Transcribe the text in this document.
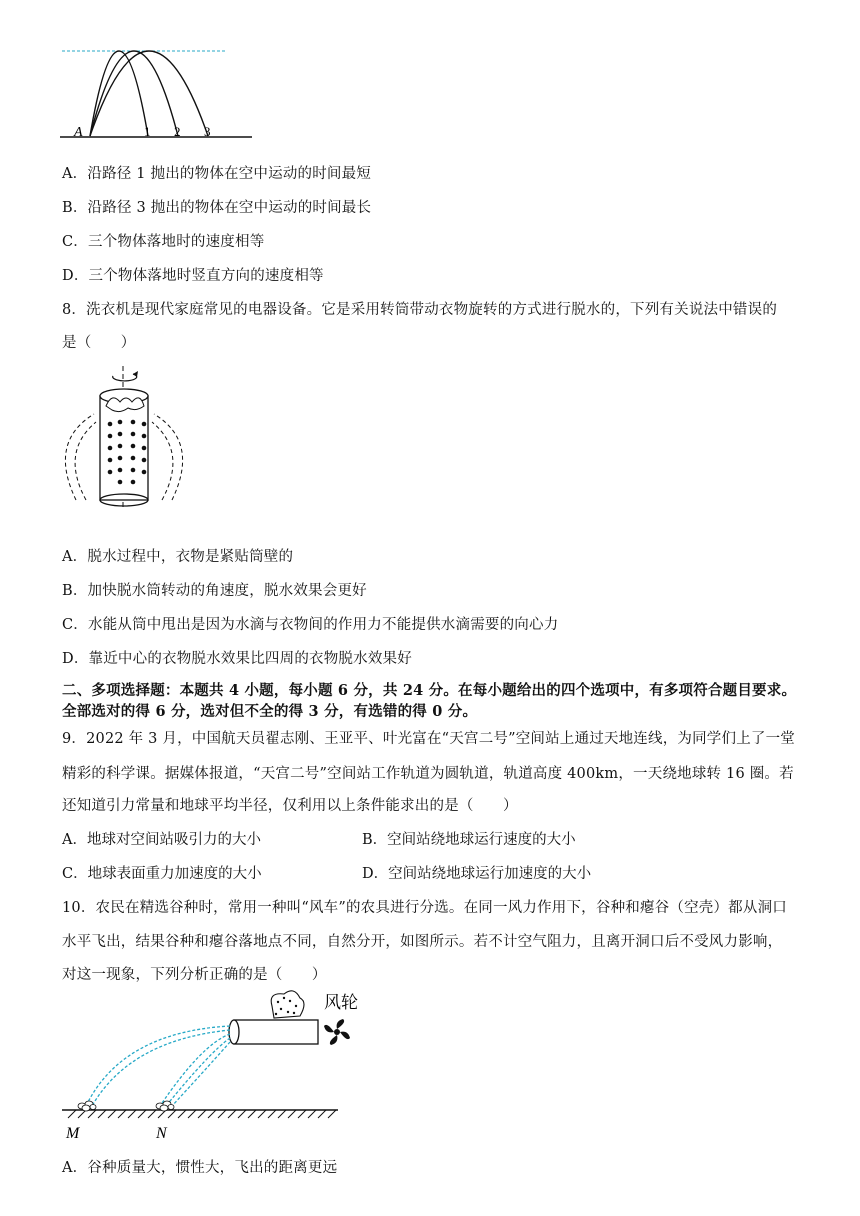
A	1 2 3
A．沿路径 1 抛出的物体在空中运动的时间最短
B．沿路径 3 抛出的物体在空中运动的时间最长
C．三个物体落地时的速度相等
D．三个物体落地时竖直方向的速度相等
8．洗衣机是现代家庭常见的电器设备。它是采用转筒带动衣物旋转的方式进行脱水的，下列有关说法中错误的
是（　　）
A．脱水过程中，衣物是紧贴筒壁的
B．加快脱水筒转动的角速度，脱水效果会更好
C．水能从筒中甩出是因为水滴与衣物间的作用力不能提供水滴需要的向心力
D．靠近中心的衣物脱水效果比四周的衣物脱水效果好
二、多项选择题：本题共 4 小题，每小题 6 分，共 24 分。在每小题给出的四个选项中，有多项符合题目要求。
全部选对的得 6 分，选对但不全的得 3 分，有选错的得 0 分。
9．2022 年 3 月，中国航天员翟志刚、王亚平、叶光富在“天宫二号”空间站上通过天地连线，为同学们上了一堂
精彩的科学课。据媒体报道，“天宫二号”空间站工作轨道为圆轨道，轨道高度 400km，一天绕地球转 16 圈。若
还知道引力常量和地球平均半径，仅利用以上条件能求出的是（　　）
A．地球对空间站吸引力的大小	B．空间站绕地球运行速度的大小
C．地球表面重力加速度的大小	D．空间站绕地球运行加速度的大小
10．农民在精选谷种时，常用一种叫“风车”的农具进行分选。在同一风力作用下，谷种和瘪谷（空壳）都从洞口
水平飞出，结果谷种和瘪谷落地点不同，自然分开，如图所示。若不计空气阻力，且离开洞口后不受风力影响，
对这一现象，下列分析正确的是（　　）
风轮
M	N
A．谷种质量大，惯性大，飞出的距离更远
